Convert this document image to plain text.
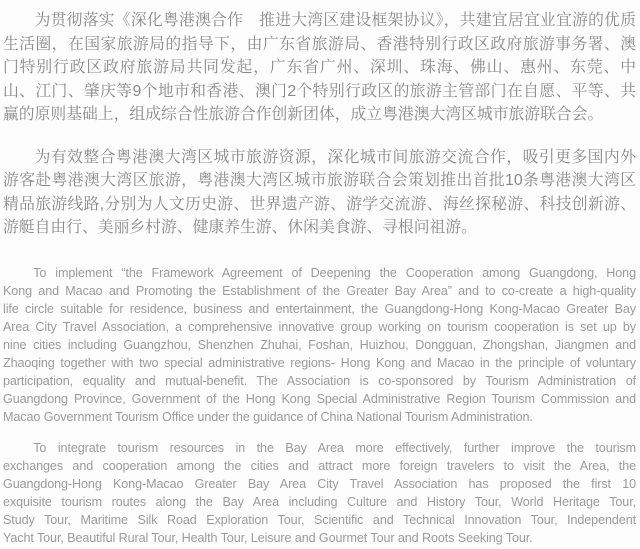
为贯彻落实《深化粤港澳合作　推进大湾区建设框架协议》，共建宜居宜业宜游的优质
生活圈，在国家旅游局的指导下，由广东省旅游局、香港特别行政区政府旅游事务署、澳
门特别行政区政府旅游局共同发起，广东省广州、深圳、珠海、佛山、惠州、东莞、中
山、江门、肇庆等9个地市和香港、澳门2个特别行政区的旅游主管部门在自愿、平等、共
赢的原则基础上，组成综合性旅游合作创新团体，成立粤港澳大湾区城市旅游联合会。
为有效整合粤港澳大湾区城市旅游资源，深化城市间旅游交流合作，吸引更多国内外
游客赴粤港澳大湾区旅游，粤港澳大湾区城市旅游联合会策划推出首批10条粤港澳大湾区
精品旅游线路,分别为人文历史游、世界遗产游、游学交流游、海丝探秘游、科技创新游、
游艇自由行、美丽乡村游、健康养生游、休闲美食游、寻根问祖游。
To implement “the Framework Agreement of Deepening the Cooperation among Guangdong, Hong
Kong and Macao and Promoting the Establishment of the Greater Bay Area” and to co-create a high-quality
life circle suitable for residence, business and entertainment, the Guangdong-Hong Kong-Macao Greater Bay
Area City Travel Association, a comprehensive innovative group working on tourism cooperation is set up by
nine cities including Guangzhou, Shenzhen Zhuhai, Foshan, Huizhou, Dongguan, Zhongshan, Jiangmen and
Zhaoqing together with two special administrative regions- Hong Kong and Macao in the principle of voluntary
participation, equality and mutual-benefit. The Association is co-sponsored by Tourism Administration of
Guangdong Province, Government of the Hong Kong Special Administrative Region Tourism Commission and
Macao Government Tourism Office under the guidance of China National Tourism Administration.
To integrate tourism resources in the Bay Area more effectively, further improve the tourism
exchanges and cooperation among the cities and attract more foreign travelers to visit the Area, the
Guangdong-Hong Kong-Macao Greater Bay Area City Travel Association has proposed the first 10
exquisite tourism routes along the Bay Area including Culture and History Tour, World Heritage Tour,
Study Tour, Maritime Silk Road Exploration Tour, Scientific and Technical Innovation Tour, Independent
Yacht Tour, Beautiful Rural Tour, Health Tour, Leisure and Gourmet Tour and Roots Seeking Tour.
